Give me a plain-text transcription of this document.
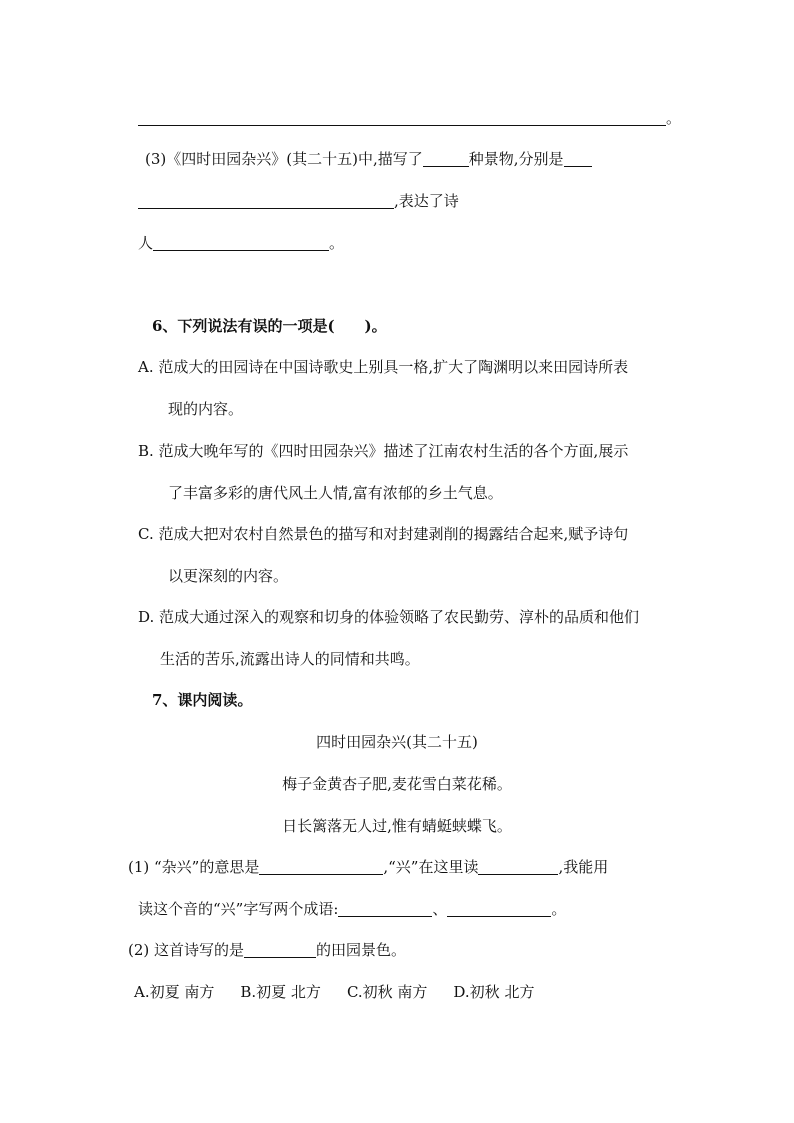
。
(3)《四时田园杂兴》(其二十五)中,描写了	种景物,分别是
,表达了诗
人	。
6、下列说法有误的一项是(　　)。
A. 范成大的田园诗在中国诗歌史上别具一格,扩大了陶渊明以来田园诗所表
现的内容。
B. 范成大晚年写的《四时田园杂兴》描述了江南农村生活的各个方面,展示
了丰富多彩的唐代风土人情,富有浓郁的乡土气息。
C. 范成大把对农村自然景色的描写和对封建剥削的揭露结合起来,赋予诗句
以更深刻的内容。
D. 范成大通过深入的观察和切身的体验领略了农民勤劳、淳朴的品质和他们
生活的苦乐,流露出诗人的同情和共鸣。
7、课内阅读。
四时田园杂兴(其二十五)
梅子金黄杏子肥,麦花雪白菜花稀。
日长篱落无人过,惟有蜻蜓蛱蝶飞。
(1) “杂兴”的意思是	,“兴”在这里读	,我能用
读这个音的“兴”字写两个成语:	、	。
(2) 这首诗写的是	的田园景色。
A.初夏 南方 B.初夏 北方 C.初秋 南方 D.初秋 北方
